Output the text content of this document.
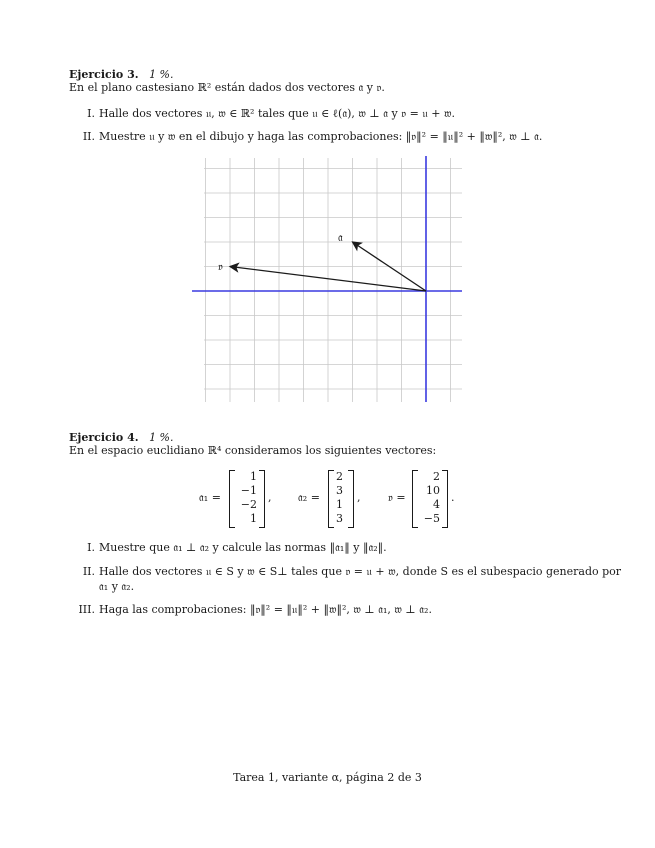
Ejercicio 3. 1 %.
En el plano castesiano ℝ² están dados dos vectores 𝔞 y 𝔳.
I. Halle dos vectores 𝔲, 𝔴 ∈ ℝ² tales que 𝔲 ∈ ℓ(𝔞), 𝔴 ⊥ 𝔞 y 𝔳 = 𝔲 + 𝔴.
II. Muestre 𝔲 y 𝔴 en el dibujo y haga las comprobaciones: ‖𝔳‖² = ‖𝔲‖² + ‖𝔴‖², 𝔴 ⊥ 𝔞.
𝔞
𝔳
Ejercicio 4. 1 %.
En el espacio euclidiano ℝ⁴ consideramos los siguientes vectores:
𝔞₁ =
1
−1
−2
1
, 𝔞₂ =
2
3
1
3
,	𝔳 =
2
10
4
−5
.
I. Muestre que 𝔞₁ ⊥ 𝔞₂ y calcule las normas ‖𝔞₁‖ y ‖𝔞₂‖.
II. Halle dos vectores 𝔲 ∈ S y 𝔴 ∈ S⊥ tales que 𝔳 = 𝔲 + 𝔴, donde S es el subespacio generado por
𝔞₁ y 𝔞₂.
III. Haga las comprobaciones: ‖𝔳‖² = ‖𝔲‖² + ‖𝔴‖², 𝔴 ⊥ 𝔞₁, 𝔴 ⊥ 𝔞₂.
Tarea 1, variante α, página 2 de 3
